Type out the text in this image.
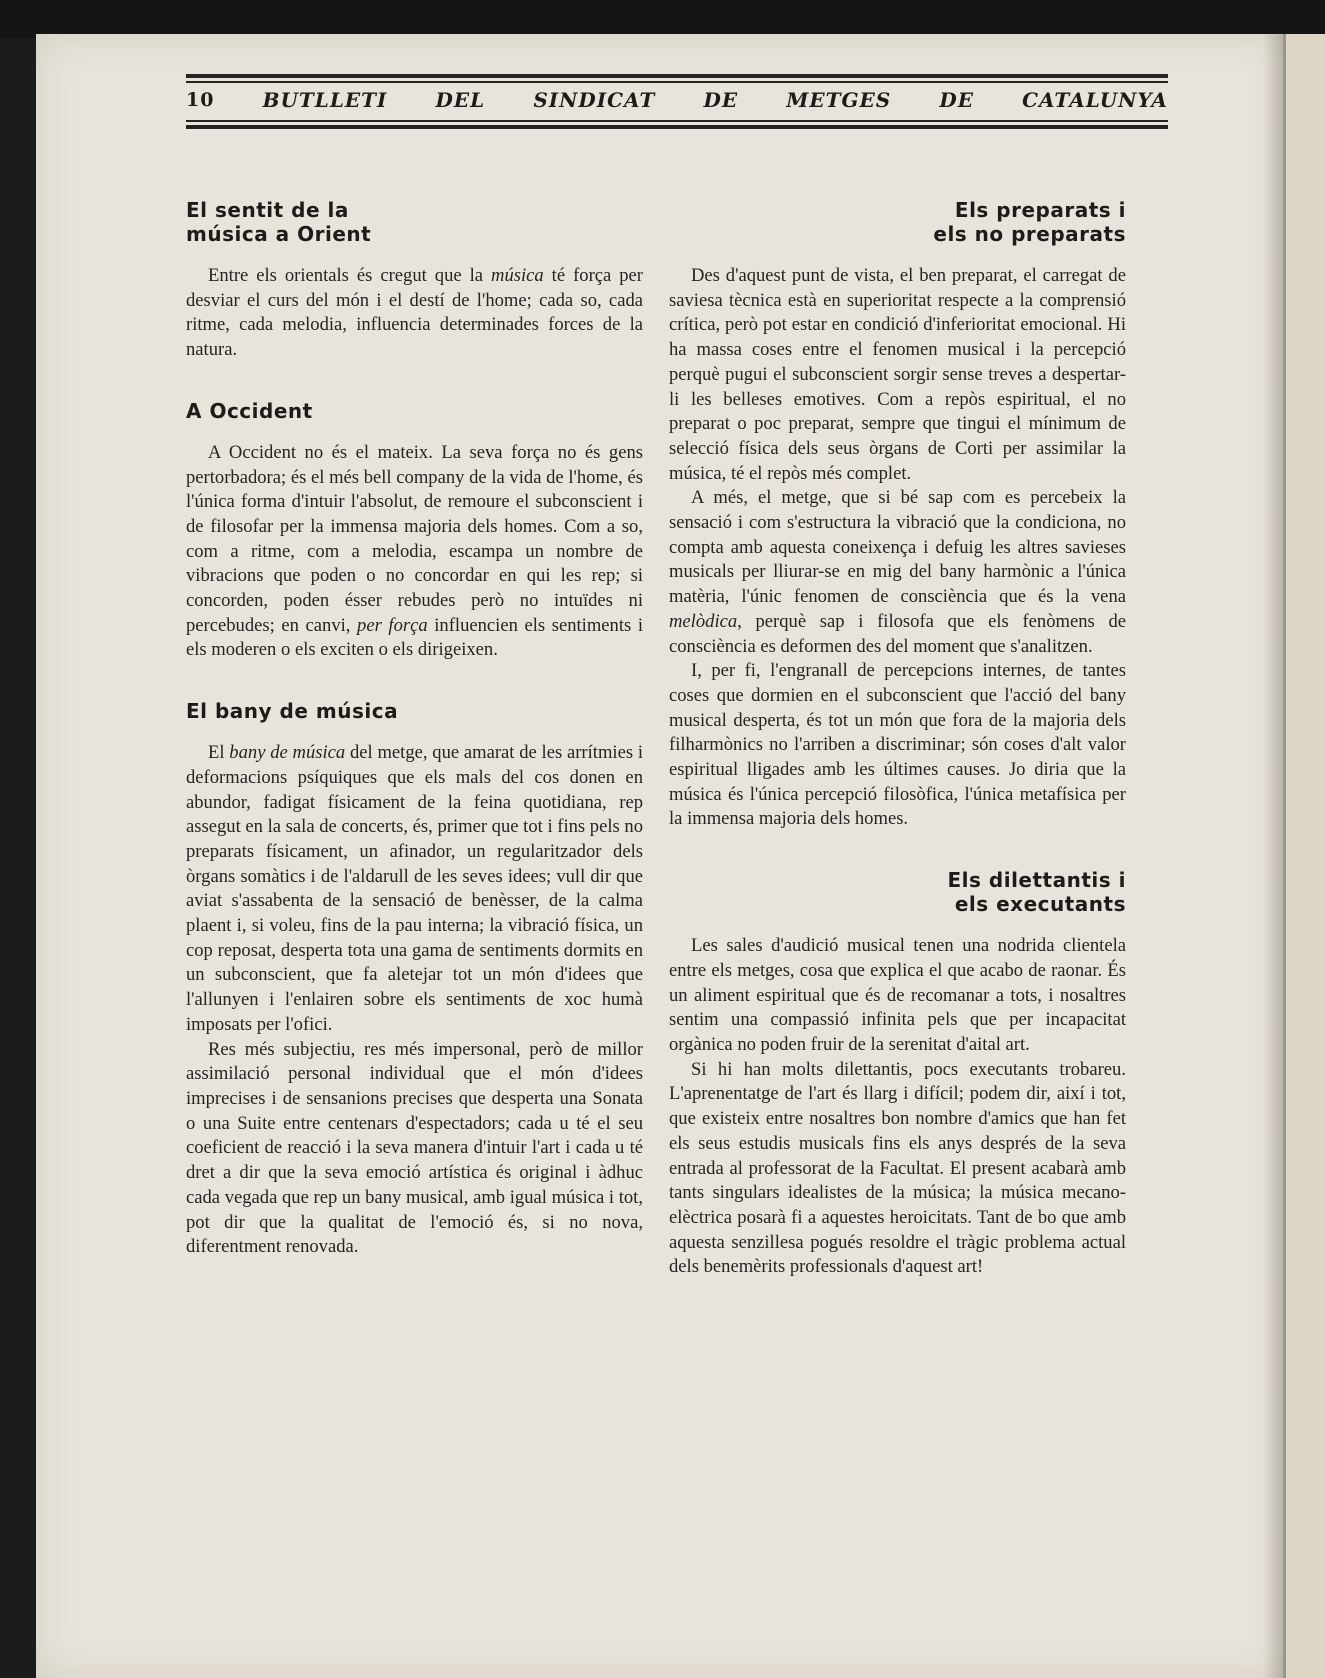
10 BUTLLETI DEL SINDICAT DE METGES DE CATALUNYA
El sentit de la
música a Orient

Entre els orientals és cregut que la música té força per desviar el curs del món i el destí de l'home; cada so, cada ritme, cada melodia, influencia determinades forces de la natura.

A Occident

A Occident no és el mateix. La seva força no és gens pertorbadora; és el més bell company de la vida de l'home, és l'única forma d'intuir l'absolut, de remoure el subconscient i de filosofar per la immensa majoria dels homes. Com a so, com a ritme, com a melodia, escampa un nombre de vibracions que poden o no concordar en qui les rep; si concorden, poden ésser rebudes però no intuïdes ni percebudes; en canvi, per força influencien els sentiments i els moderen o els exciten o els dirigeixen.

El bany de música

El bany de música del metge, que amarat de les arrítmies i deformacions psíquiques que els mals del cos donen en abundor, fadigat físicament de la feina quotidiana, rep assegut en la sala de concerts, és, primer que tot i fins pels no preparats físicament, un afinador, un regularitzador dels òrgans somàtics i de l'aldarull de les seves idees; vull dir que aviat s'assabenta de la sensació de benèsser, de la calma plaent i, si voleu, fins de la pau interna; la vibració física, un cop reposat, desperta tota una gama de sentiments dormits en un subconscient, que fa aletejar tot un món d'idees que l'allunyen i l'enlairen sobre els sentiments de xoc humà imposats per l'ofici.

Res més subjectiu, res més impersonal, però de millor assimilació personal individual que el món d'idees imprecises i de sensanions precises que desperta una Sonata o una Suite entre centenars d'espectadors; cada u té el seu coeficient de reacció i la seva manera d'intuir l'art i cada u té dret a dir que la seva emoció artística és original i àdhuc cada vegada que rep un bany musical, amb igual música i tot, pot dir que la qualitat de l'emoció és, si no nova, diferentment renovada.

Els preparats i
els no preparats

Des d'aquest punt de vista, el ben preparat, el carregat de saviesa tècnica està en superioritat respecte a la comprensió crítica, però pot estar en condició d'inferioritat emocional. Hi ha massa coses entre el fenomen musical i la percepció perquè pugui el subconscient sorgir sense treves a despertar-li les belleses emotives. Com a repòs espiritual, el no preparat o poc preparat, sempre que tingui el mínimum de selecció física dels seus òrgans de Corti per assimilar la música, té el repòs més complet.

A més, el metge, que si bé sap com es percebeix la sensació i com s'estructura la vibració que la condiciona, no compta amb aquesta coneixença i defuig les altres savieses musicals per lliurar-se en mig del bany harmònic a l'única matèria, l'únic fenomen de consciència que és la vena melòdica, perquè sap i filosofa que els fenòmens de consciència es deformen des del moment que s'analitzen.

I, per fi, l'engranall de percepcions internes, de tantes coses que dormien en el subconscient que l'acció del bany musical desperta, és tot un món que fora de la majoria dels filharmònics no l'arriben a discriminar; són coses d'alt valor espiritual lligades amb les últimes causes. Jo diria que la música és l'única percepció filosòfica, l'única metafísica per la immensa majoria dels homes.

Els dilettantis i
els executants

Les sales d'audició musical tenen una nodrida clientela entre els metges, cosa que explica el que acabo de raonar. És un aliment espiritual que és de recomanar a tots, i nosaltres sentim una compassió infinita pels que per incapacitat orgànica no poden fruir de la serenitat d'aital art.

Si hi han molts dilettantis, pocs executants trobareu. L'aprenentatge de l'art és llarg i difícil; podem dir, així i tot, que existeix entre nosaltres bon nombre d'amics que han fet els seus estudis musicals fins els anys després de la seva entrada al professorat de la Facultat. El present acabarà amb tants singulars idealistes de la música; la música mecano-elèctrica posarà fi a aquestes heroicitats. Tant de bo que amb aquesta senzillesa pogués resoldre el tràgic problema actual dels benemèrits professionals d'aquest art!
